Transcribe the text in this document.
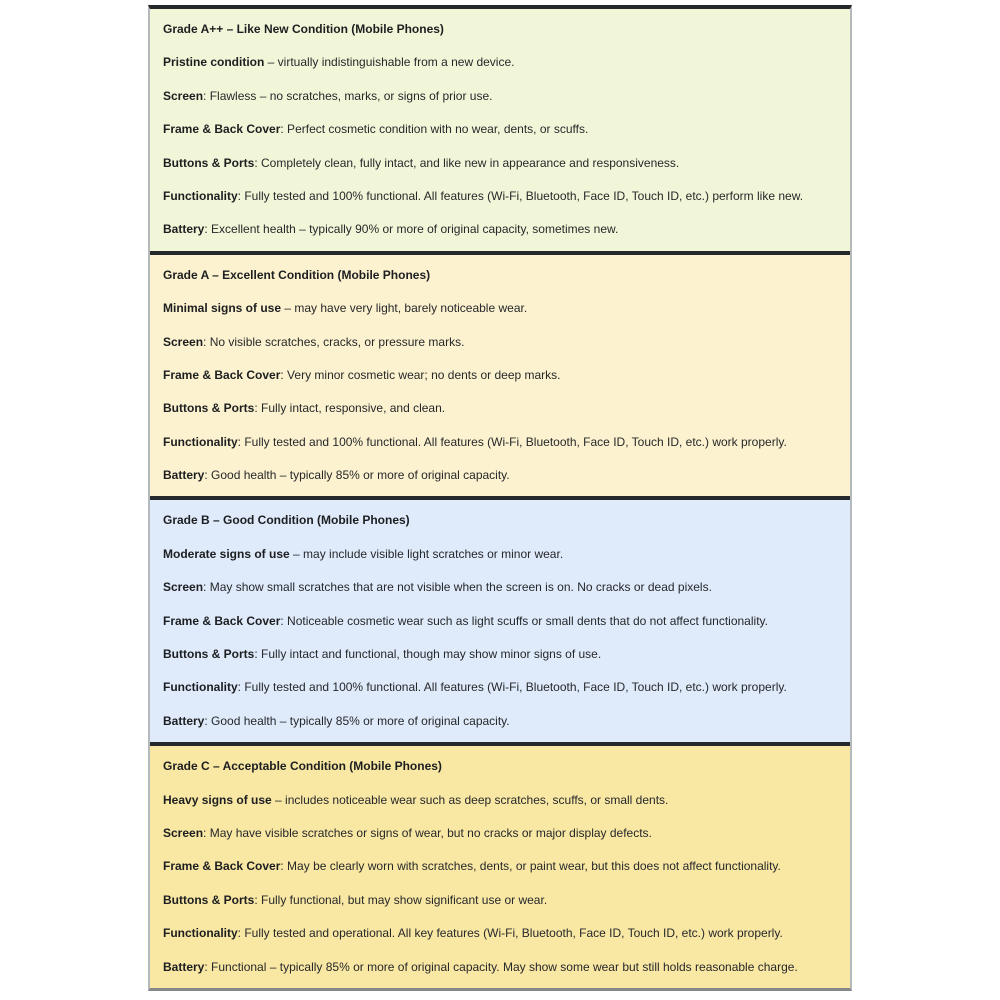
Grade A++ – Like New Condition (Mobile Phones)

Pristine condition – virtually indistinguishable from a new device.

Screen: Flawless – no scratches, marks, or signs of prior use.

Frame & Back Cover: Perfect cosmetic condition with no wear, dents, or scuffs.

Buttons & Ports: Completely clean, fully intact, and like new in appearance and responsiveness.

Functionality: Fully tested and 100% functional. All features (Wi-Fi, Bluetooth, Face ID, Touch ID, etc.) perform like new.

Battery: Excellent health – typically 90% or more of original capacity, sometimes new.

Grade A – Excellent Condition (Mobile Phones)

Minimal signs of use – may have very light, barely noticeable wear.

Screen: No visible scratches, cracks, or pressure marks.

Frame & Back Cover: Very minor cosmetic wear; no dents or deep marks.

Buttons & Ports: Fully intact, responsive, and clean.

Functionality: Fully tested and 100% functional. All features (Wi-Fi, Bluetooth, Face ID, Touch ID, etc.) work properly.

Battery: Good health – typically 85% or more of original capacity.

Grade B – Good Condition (Mobile Phones)

Moderate signs of use – may include visible light scratches or minor wear.

Screen: May show small scratches that are not visible when the screen is on. No cracks or dead pixels.

Frame & Back Cover: Noticeable cosmetic wear such as light scuffs or small dents that do not affect functionality.

Buttons & Ports: Fully intact and functional, though may show minor signs of use.

Functionality: Fully tested and 100% functional. All features (Wi-Fi, Bluetooth, Face ID, Touch ID, etc.) work properly.

Battery: Good health – typically 85% or more of original capacity.

Grade C – Acceptable Condition (Mobile Phones)

Heavy signs of use – includes noticeable wear such as deep scratches, scuffs, or small dents.

Screen: May have visible scratches or signs of wear, but no cracks or major display defects.

Frame & Back Cover: May be clearly worn with scratches, dents, or paint wear, but this does not affect functionality.

Buttons & Ports: Fully functional, but may show significant use or wear.

Functionality: Fully tested and operational. All key features (Wi-Fi, Bluetooth, Face ID, Touch ID, etc.) work properly.

Battery: Functional – typically 85% or more of original capacity. May show some wear but still holds reasonable charge.
